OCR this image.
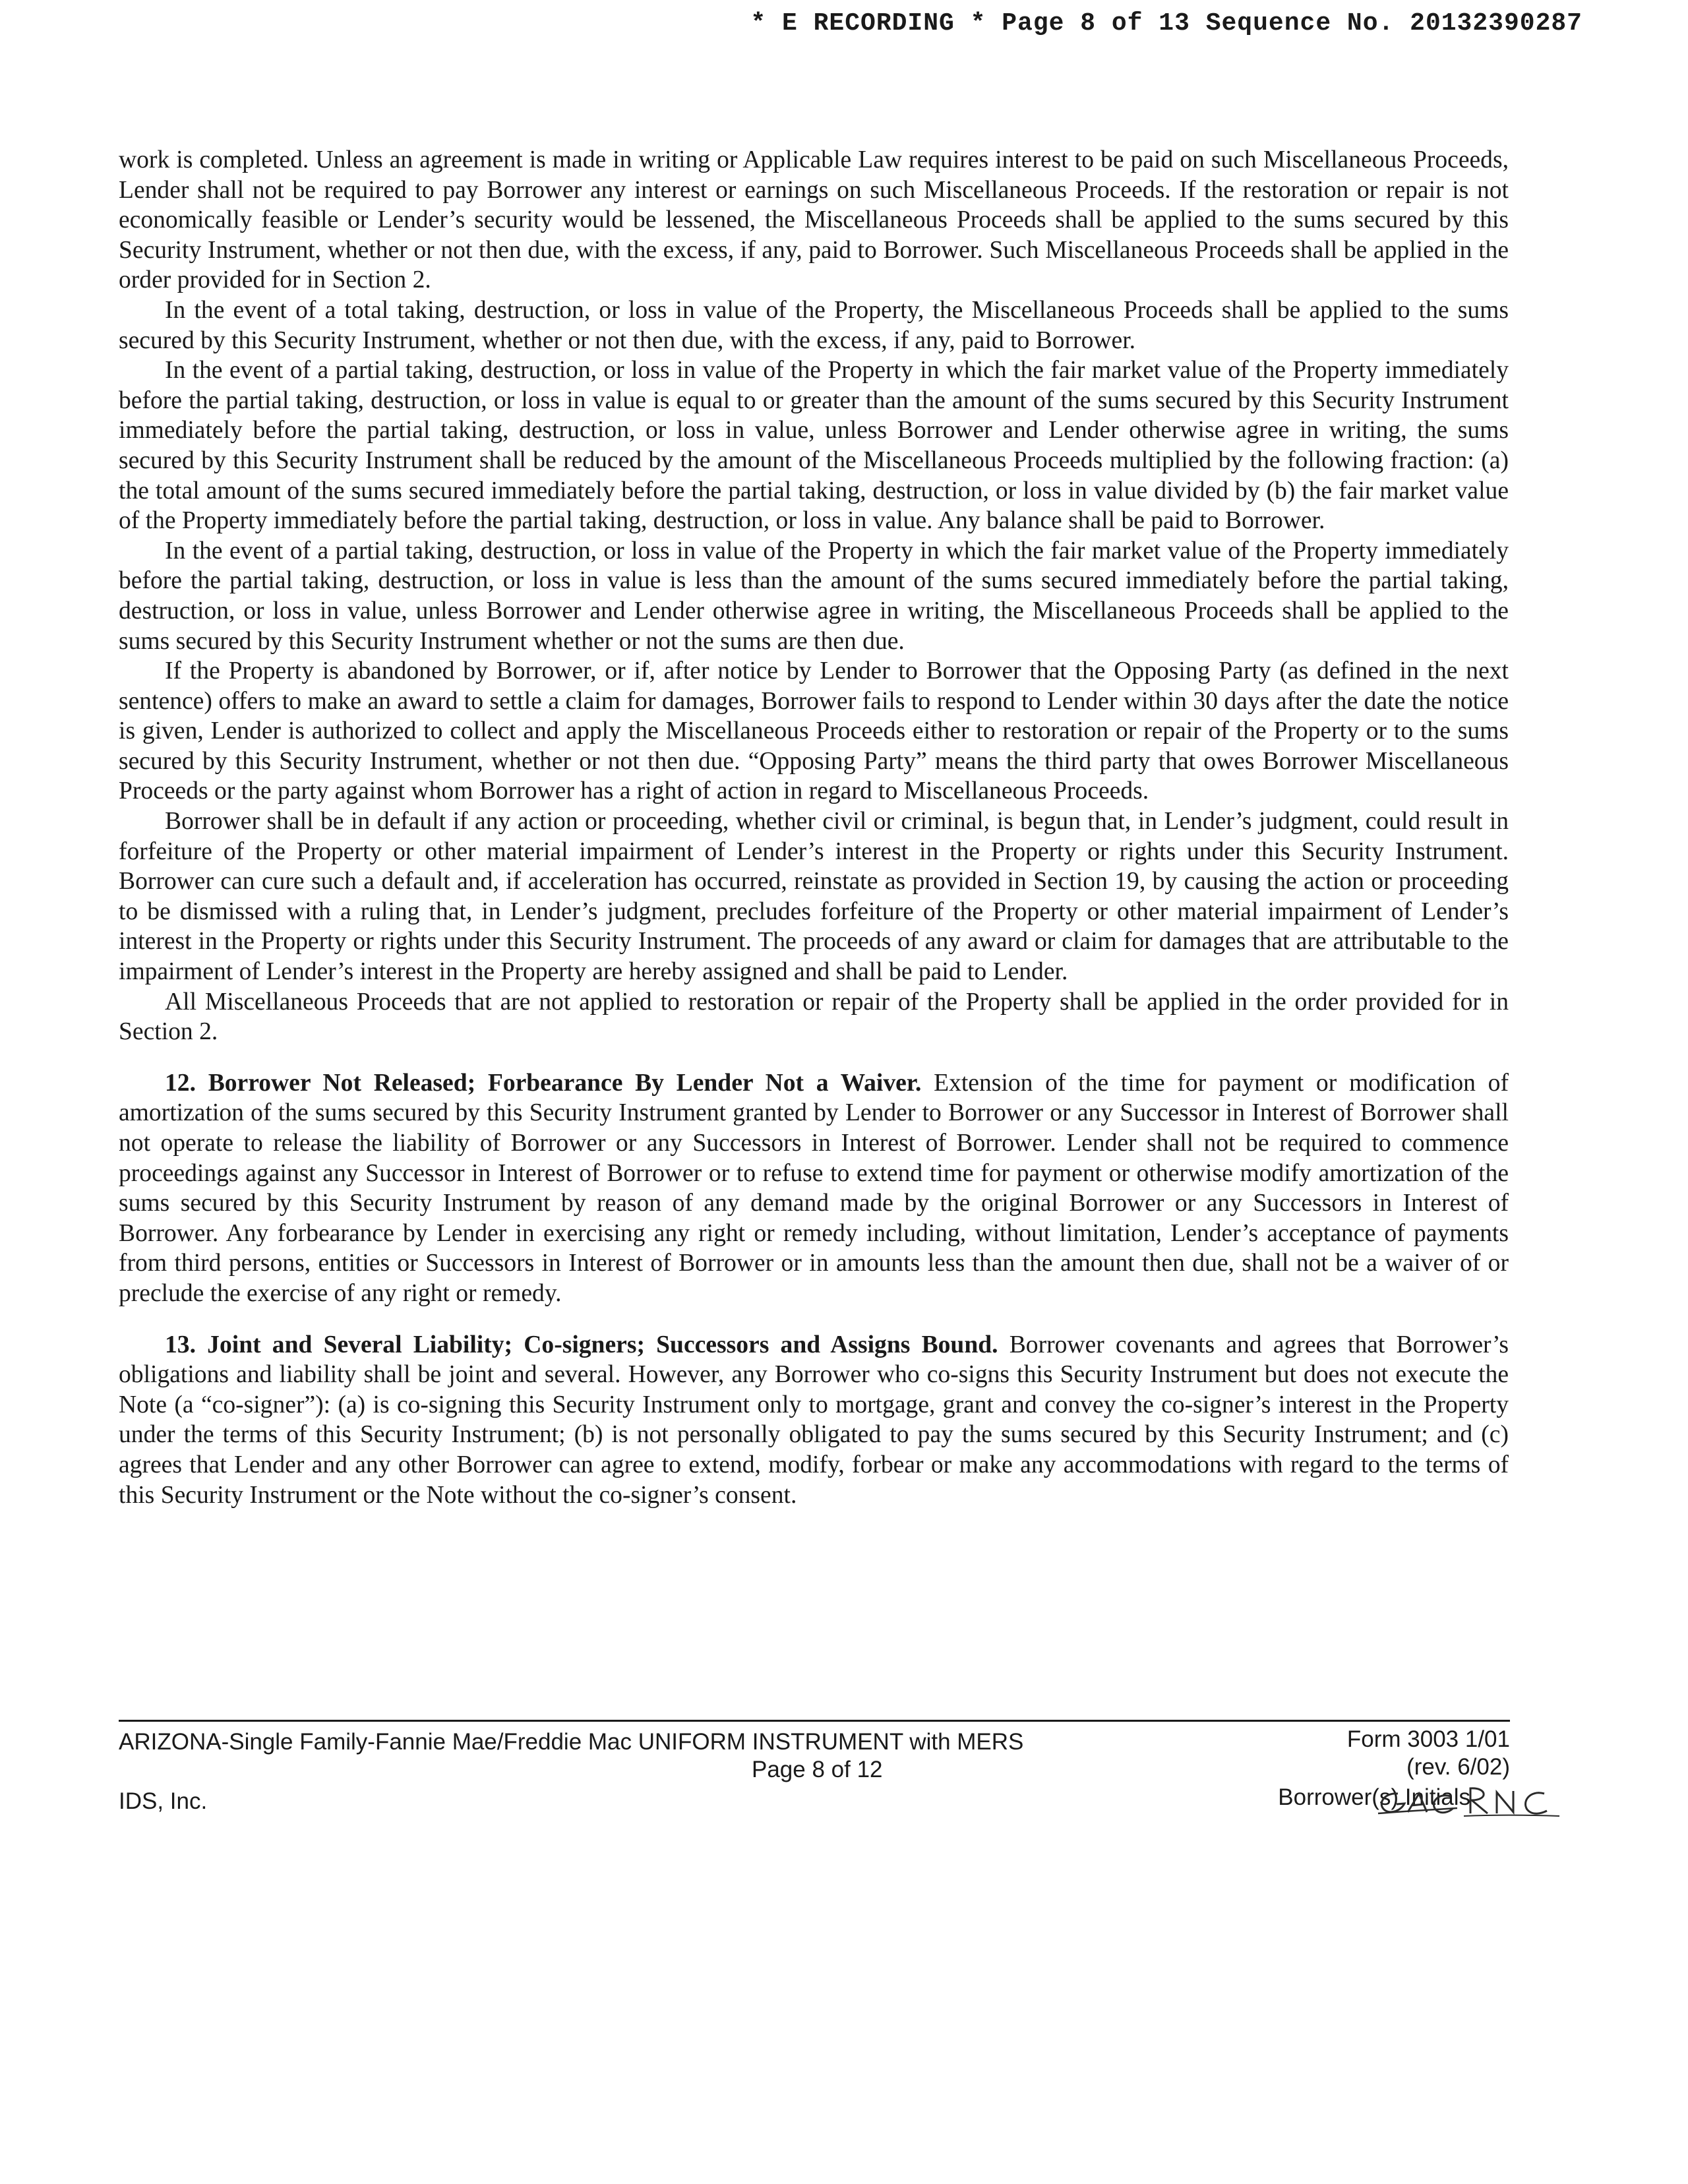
* E RECORDING * Page 8 of 13 Sequence No. 20132390287

work is completed. Unless an agreement is made in writing or Applicable Law requires interest to be paid on such Miscellaneous Proceeds, Lender shall not be required to pay Borrower any interest or earnings on such Miscellaneous Proceeds. If the restoration or repair is not economically feasible or Lender’s security would be lessened, the Miscellaneous Proceeds shall be applied to the sums secured by this Security Instrument, whether or not then due, with the excess, if any, paid to Borrower. Such Miscellaneous Proceeds shall be applied in the order provided for in Section 2.

In the event of a total taking, destruction, or loss in value of the Property, the Miscellaneous Proceeds shall be applied to the sums secured by this Security Instrument, whether or not then due, with the excess, if any, paid to Borrower.

In the event of a partial taking, destruction, or loss in value of the Property in which the fair market value of the Property immediately before the partial taking, destruction, or loss in value is equal to or greater than the amount of the sums secured by this Security Instrument immediately before the partial taking, destruction, or loss in value, unless Borrower and Lender otherwise agree in writing, the sums secured by this Security Instrument shall be reduced by the amount of the Miscellaneous Proceeds multiplied by the following fraction: (a) the total amount of the sums secured immediately before the partial taking, destruction, or loss in value divided by (b) the fair market value of the Property immediately before the partial taking, destruction, or loss in value. Any balance shall be paid to Borrower.

In the event of a partial taking, destruction, or loss in value of the Property in which the fair market value of the Property immediately before the partial taking, destruction, or loss in value is less than the amount of the sums secured immediately before the partial taking, destruction, or loss in value, unless Borrower and Lender otherwise agree in writing, the Miscellaneous Proceeds shall be applied to the sums secured by this Security Instrument whether or not the sums are then due.

If the Property is abandoned by Borrower, or if, after notice by Lender to Borrower that the Opposing Party (as defined in the next sentence) offers to make an award to settle a claim for damages, Borrower fails to respond to Lender within 30 days after the date the notice is given, Lender is authorized to collect and apply the Miscellaneous Proceeds either to restoration or repair of the Property or to the sums secured by this Security Instrument, whether or not then due. “Opposing Party” means the third party that owes Borrower Miscellaneous Proceeds or the party against whom Borrower has a right of action in regard to Miscellaneous Proceeds.

Borrower shall be in default if any action or proceeding, whether civil or criminal, is begun that, in Lender’s judgment, could result in forfeiture of the Property or other material impairment of Lender’s interest in the Property or rights under this Security Instrument. Borrower can cure such a default and, if acceleration has occurred, reinstate as provided in Section 19, by causing the action or proceeding to be dismissed with a ruling that, in Lender’s judgment, precludes forfeiture of the Property or other material impairment of Lender’s interest in the Property or rights under this Security Instrument. The proceeds of any award or claim for damages that are attributable to the impairment of Lender’s interest in the Property are hereby assigned and shall be paid to Lender.

All Miscellaneous Proceeds that are not applied to restoration or repair of the Property shall be applied in the order provided for in Section 2.

12. Borrower Not Released; Forbearance By Lender Not a Waiver. Extension of the time for payment or modification of amortization of the sums secured by this Security Instrument granted by Lender to Borrower or any Successor in Interest of Borrower shall not operate to release the liability of Borrower or any Successors in Interest of Borrower. Lender shall not be required to commence proceedings against any Successor in Interest of Borrower or to refuse to extend time for payment or otherwise modify amortization of the sums secured by this Security Instrument by reason of any demand made by the original Borrower or any Successors in Interest of Borrower. Any forbearance by Lender in exercising any right or remedy including, without limitation, Lender’s acceptance of payments from third persons, entities or Successors in Interest of Borrower or in amounts less than the amount then due, shall not be a waiver of or preclude the exercise of any right or remedy.

13. Joint and Several Liability; Co-signers; Successors and Assigns Bound. Borrower covenants and agrees that Borrower’s obligations and liability shall be joint and several. However, any Borrower who co-signs this Security Instrument but does not execute the Note (a “co-signer”): (a) is co-signing this Security Instrument only to mortgage, grant and convey the co-signer’s interest in the Property under the terms of this Security Instrument; (b) is not personally obligated to pay the sums secured by this Security Instrument; and (c) agrees that Lender and any other Borrower can agree to extend, modify, forbear or make any accommodations with regard to the terms of this Security Instrument or the Note without the co-signer’s consent.

ARIZONA-Single Family-Fannie Mae/Freddie Mac UNIFORM INSTRUMENT with MERS
Page 8 of 12
IDS, Inc.
Form 3003 1/01
(rev. 6/02)
Borrower(s) Initials
